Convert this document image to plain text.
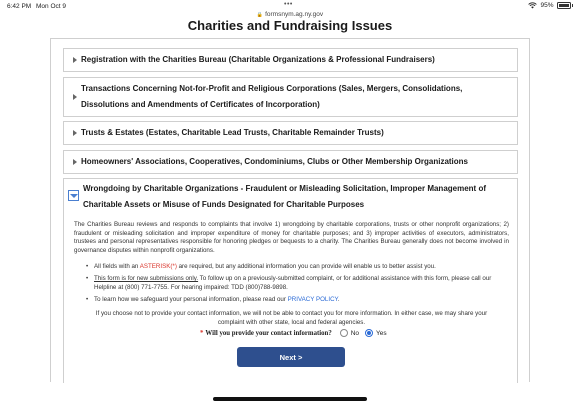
6:42 PM Mon Oct 9	•••	95%
🔒 formsnym.ag.ny.gov
Charities and Fundraising Issues
Registration with the Charities Bureau (Charitable Organizations & Professional Fundraisers)
Transactions Concerning Not-for-Profit and Religious Corporations (Sales, Mergers, Consolidations, Dissolutions and Amendments of Certificates of Incorporation)
Trusts & Estates (Estates, Charitable Lead Trusts, Charitable Remainder Trusts)
Homeowners' Associations, Cooperatives, Condominiums, Clubs or Other Membership Organizations
Wrongdoing by Charitable Organizations - Fraudulent or Misleading Solicitation, Improper Management of Charitable Assets or Misuse of Funds Designated for Charitable Purposes

The Charities Bureau reviews and responds to complaints that involve 1) wrongdoing by charitable corporations, trusts or other nonprofit organizations; 2) fraudulent or misleading solicitation and improper expenditure of money for charitable purposes; and 3) improper activities of executors, administrators, trustees and personal representatives responsible for honoring pledges or bequests to a charity. The Charities Bureau generally does not become involved in governance disputes within nonprofit organizations.

• All fields with an ASTERISK(*) are required, but any additional information you can provide will enable us to better assist you.
• This form is for new submissions only. To follow up on a previously-submitted complaint, or for additional assistance with this form, please call our Helpline at (800) 771-7755. For hearing impaired: TDD (800)788-9898.
• To learn how we safeguard your personal information, please read our PRIVACY POLICY.

If you choose not to provide your contact information, we will not be able to contact you for more information. In either case, we may share your complaint with other state, local and federal agencies.

* Will you provide your contact information?	No	Yes
Next >
